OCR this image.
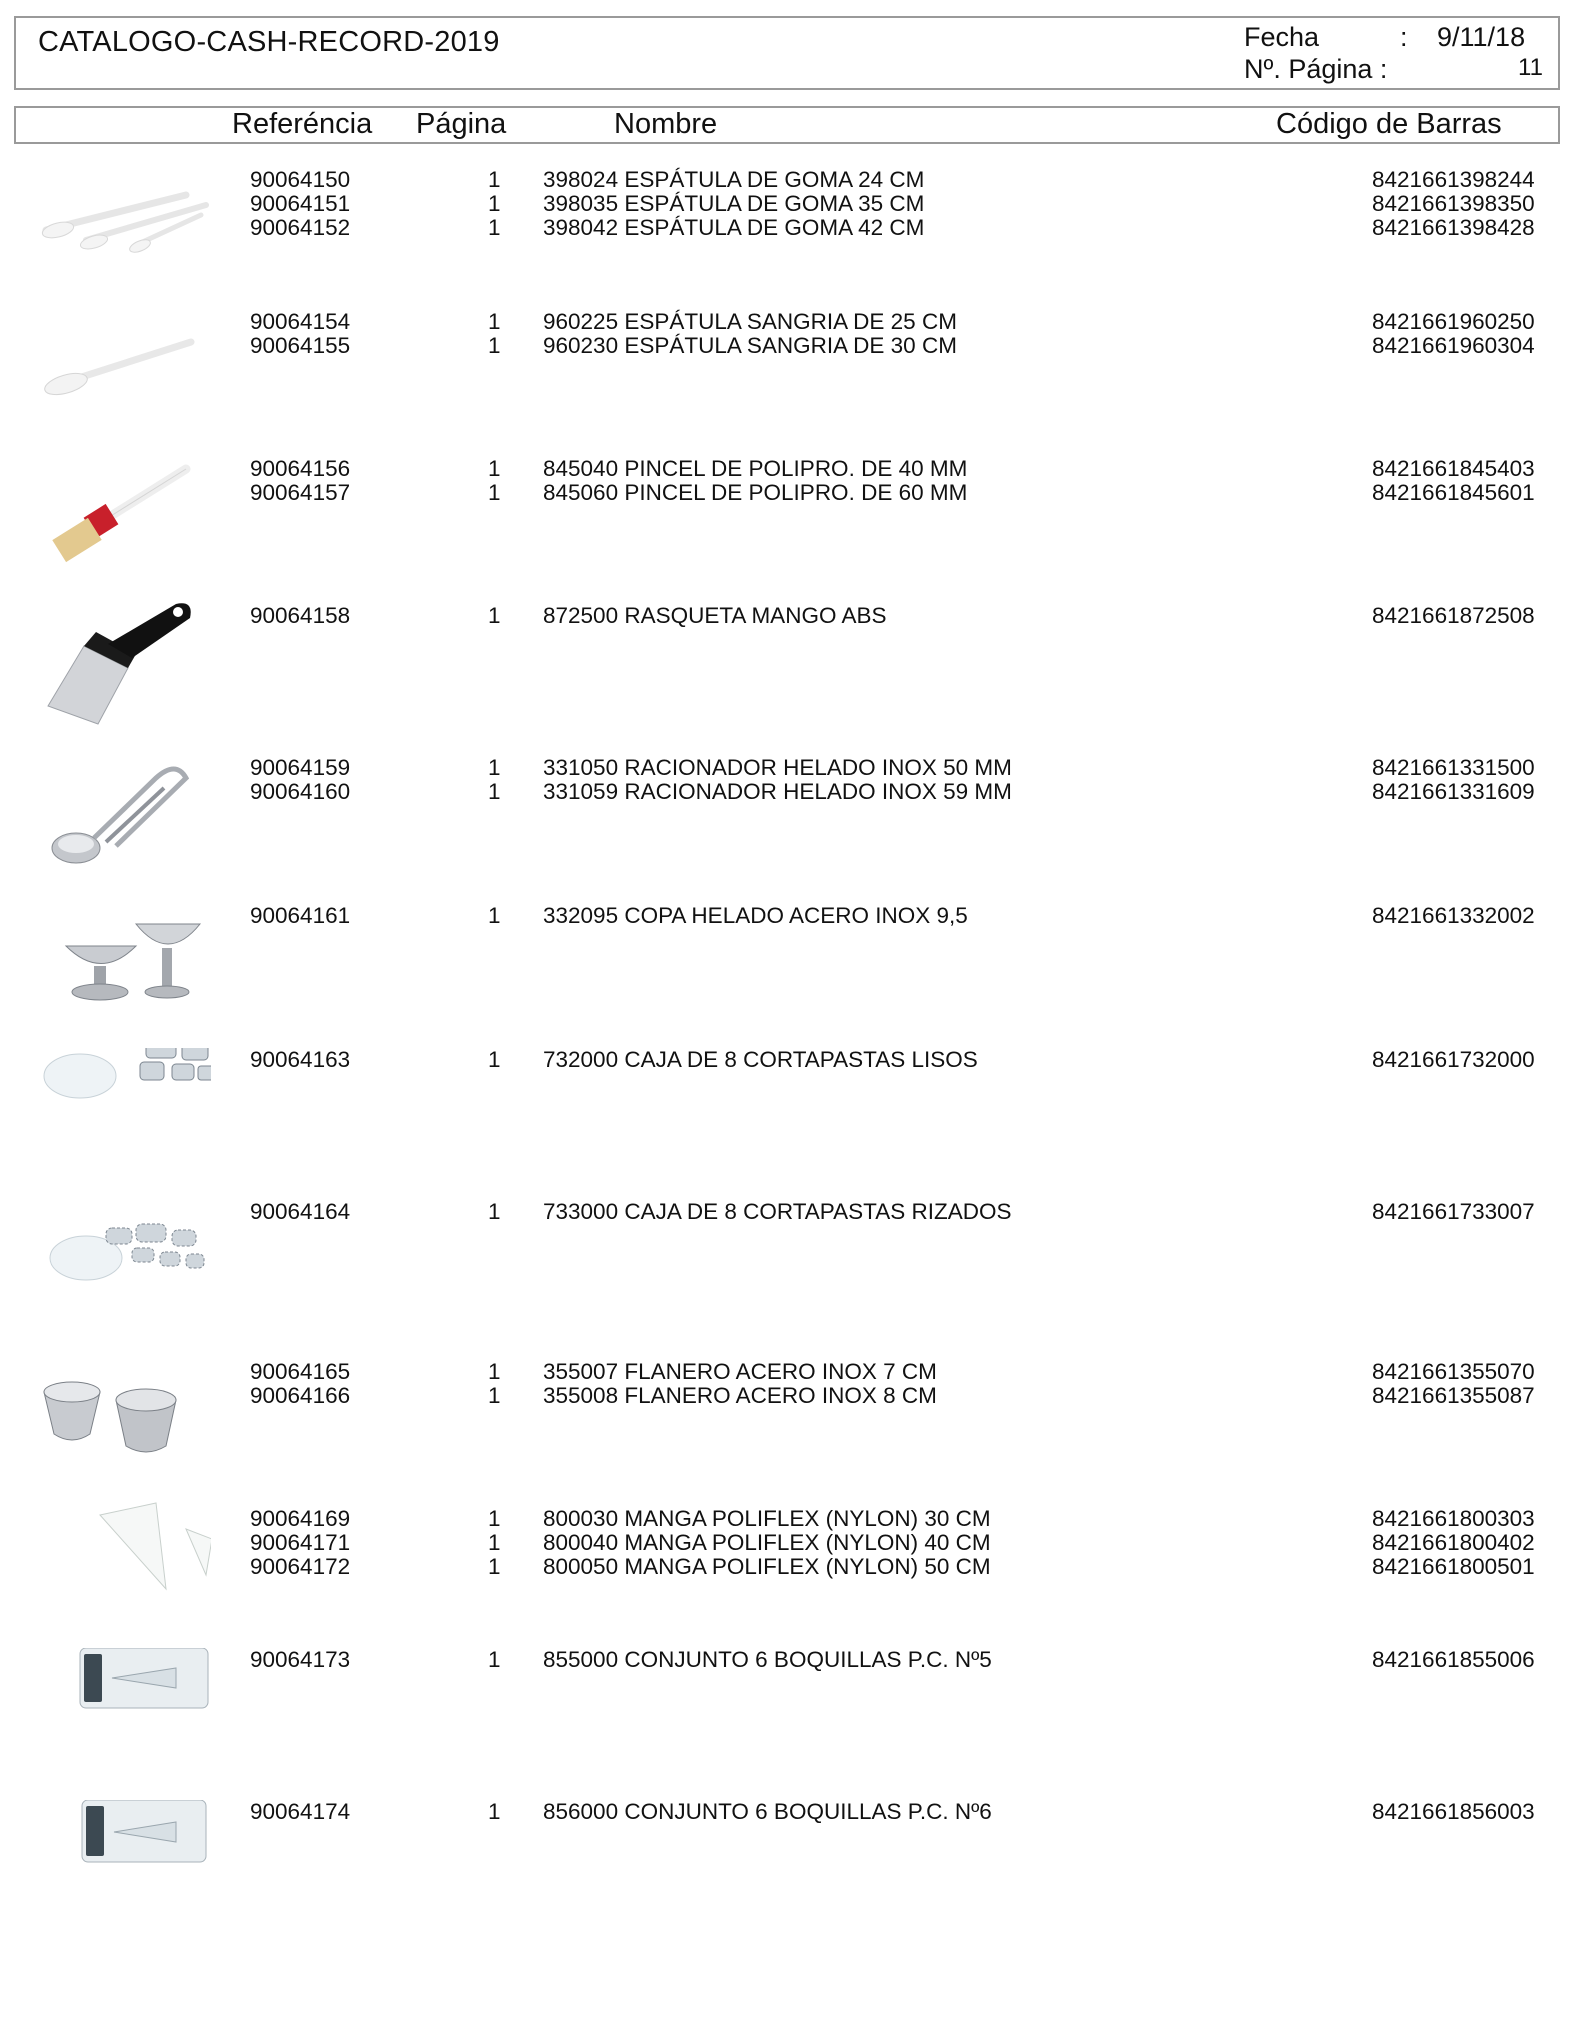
CATALOGO-CASH-RECORD-2019	Fecha	: 9/11/18
Nº. Página :	11
Referéncia Página	Nombre	Código de Barras
90064150	1 398024 ESPÁTULA DE GOMA 24 CM	8421661398244
90064151	1 398035 ESPÁTULA DE GOMA 35 CM	8421661398350
90064152	1 398042 ESPÁTULA DE GOMA 42 CM	8421661398428
90064154	1 960225 ESPÁTULA SANGRIA DE 25 CM	8421661960250
90064155	1 960230 ESPÁTULA SANGRIA DE 30 CM	8421661960304
90064156	1 845040 PINCEL DE POLIPRO. DE 40 MM	8421661845403
90064157	1 845060 PINCEL DE POLIPRO. DE 60 MM	8421661845601
90064158	1 872500 RASQUETA MANGO ABS	8421661872508
90064159	1 331050 RACIONADOR HELADO INOX 50 MM	8421661331500
90064160	1 331059 RACIONADOR HELADO INOX 59 MM	8421661331609
90064161	1 332095 COPA HELADO ACERO INOX 9,5	8421661332002
90064163	1 732000 CAJA DE 8 CORTAPASTAS LISOS	8421661732000
90064164	1 733000 CAJA DE 8 CORTAPASTAS RIZADOS	8421661733007
90064165	1 355007 FLANERO ACERO INOX 7 CM	8421661355070
90064166	1 355008 FLANERO ACERO INOX 8 CM	8421661355087
90064169	1 800030 MANGA POLIFLEX (NYLON) 30 CM	8421661800303
90064171	1 800040 MANGA POLIFLEX (NYLON) 40 CM	8421661800402
90064172	1 800050 MANGA POLIFLEX (NYLON) 50 CM	8421661800501
90064173	1 855000 CONJUNTO 6 BOQUILLAS P.C. Nº5	8421661855006
90064174	1 856000 CONJUNTO 6 BOQUILLAS P.C. Nº6	8421661856003
